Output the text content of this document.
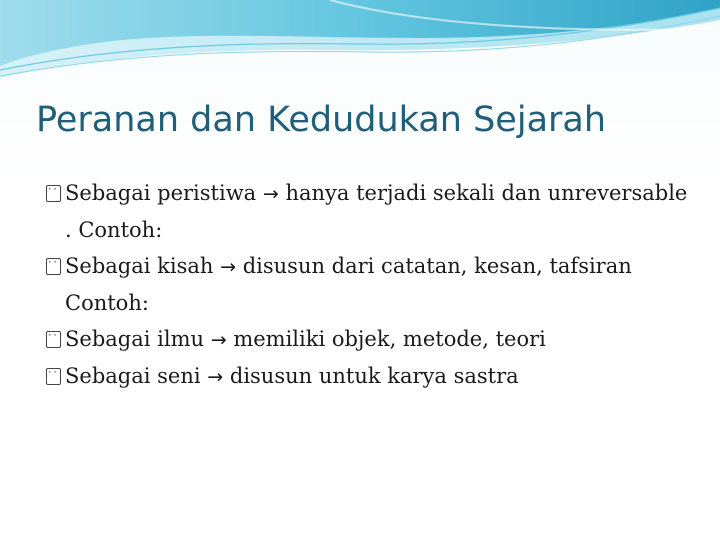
Peranan dan Kedudukan Sejarah
··· Sebagai peristiwa → hanya terjadi sekali dan unreversable . Contoh:
··· Sebagai kisah → disusun dari catatan, kesan, tafsiran Contoh:
··· Sebagai ilmu → memiliki objek, metode, teori
··· Sebagai seni → disusun untuk karya sastra
